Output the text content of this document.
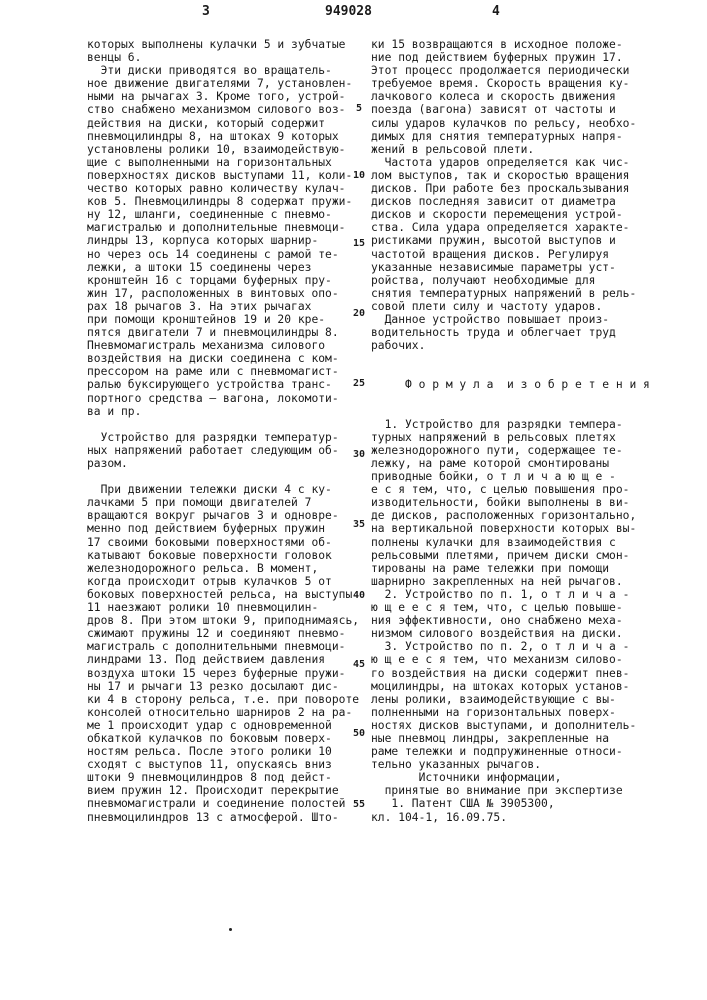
3	949028	4
которых выполнены кулачки 5 и зубчатые
венцы 6.
Эти диски приводятся во вращатель-
ное движение двигателями 7, установлен-
ными на рычагах 3. Кроме того, устрой-
ство снабжено механизмом силового воз-
действия на диски, который содержит
пневмоцилиндры 8, на штоках 9 которых
установлены ролики 10, взаимодействую-
щие с выполненными на горизонтальных
поверхностях дисков выступами 11, коли-
чество которых равно количеству кулач-
ков 5. Пневмоцилиндры 8 содержат пружи-
ну 12, шланги, соединенные с пневмо-
магистралью и дополнительные пневмоци-
линдры 13, корпуса которых шарнир-
но через ось 14 соединены с рамой те-
лежки, а штоки 15 соединены через
кронштейн 16 с торцами буферных пру-
жин 17, расположенных в винтовых опо-
рах 18 рычагов 3. На этих рычагах
при помощи кронштейнов 19 и 20 кре-
пятся двигатели 7 и пневмоцилиндры 8.
Пневмомагистраль механизма силового
воздействия на диски соединена с ком-
прессором на раме или с пневмомагист-
ралью буксирующего устройства транс-
портного средства – вагона, локомоти-
ва и пр.
Устройство для разрядки температур-
ных напряжений работает следующим об-
разом.
При движении тележки диски 4 с ку-
лачками 5 при помощи двигателей 7
вращаются вокруг рычагов 3 и одновре-
менно под действием буферных пружин
17 своими боковыми поверхностями об-
катывают боковые поверхности головок
железнодорожного рельса. В момент,
когда происходит отрыв кулачков 5 от
боковых поверхностей рельса, на выступы
11 наезжают ролики 10 пневмоцилин-
дров 8. При этом штоки 9, приподнимаясь,
сжимают пружины 12 и соединяют пневмо-
магистраль с дополнительными пневмоци-
линдрами 13. Под действием давления
воздуха штоки 15 через буферные пружи-
ны 17 и рычаги 13 резко досылают дис-
ки 4 в сторону рельса, т.е. при повороте
консолей относительно шарниров 2 на ра-
ме 1 происходит удар с одновременной
обкаткой кулачков по боковым поверх-
ностям рельса. После этого ролики 10
сходят с выступов 11, опускаясь вниз
штоки 9 пневмоцилиндров 8 под дейст-
вием пружин 12. Происходит перекрытие
пневмомагистрали и соединение полостей
пневмоцилиндров 13 с атмосферой. Што-
ки 15 возвращаются в исходное положе-
ние под действием буферных пружин 17.
Этот процесс продолжается периодически
требуемое время. Скорость вращения ку-
лачкового колеса и скорость движения
поезда (вагона) зависят от частоты и
силы ударов кулачков по рельсу, необхо-
димых для снятия температурных напря-
жений в рельсовой плети.
Частота ударов определяется как чис-
лом выступов, так и скоростью вращения
дисков. При работе без проскальзывания
дисков последняя зависит от диаметра
дисков и скорости перемещения устрой-
ства. Сила удара определяется характе-
ристиками пружин, высотой выступов и
частотой вращения дисков. Регулируя
указанные независимые параметры уст-
ройства, получают необходимые для
снятия температурных напряжений в рель-
совой плети силу и частоту ударов.
Данное устройство повышает произ-
водительность труда и облегчает труд
рабочих.
Ф о р м у л а  и з о б р е т е н и я
1. Устройство для разрядки темпера-
турных напряжений в рельсовых плетях
железнодорожного пути, содержащее те-
лежку, на раме которой смонтированы
приводные бойки, о т л и ч а ю щ е -
е с я тем, что, с целью повышения про-
изводительности, бойки выполнены в ви-
де дисков, расположенных горизонтально,
на вертикальной поверхности которых вы-
полнены кулачки для взаимодействия с
рельсовыми плетями, причем диски смон-
тированы на раме тележки при помощи
шарнирно закрепленных на ней рычагов.
2. Устройство по п. 1, о т л и ч а -
ю щ е е с я тем, что, с целью повыше-
ния эффективности, оно снабжено меха-
низмом силового воздействия на диски.
3. Устройство по п. 2, о т л и ч а -
ю щ е е с я тем, что механизм силово-
го воздействия на диски содержит пнев-
моцилиндры, на штоках которых установ-
лены ролики, взаимодействующие с вы-
полненными на горизонтальных поверх-
ностях дисков выступами, и дополнитель-
ные пневмоц линдры, закрепленные на
раме тележки и подпружиненные относи-
тельно указанных рычагов.
Источники информации,
принятые во внимание при экспертизе
1. Патент США № 3905300,
кл. 104-1, 16.09.75.
5
10
15
20
25
30
35
40
45
50
55
